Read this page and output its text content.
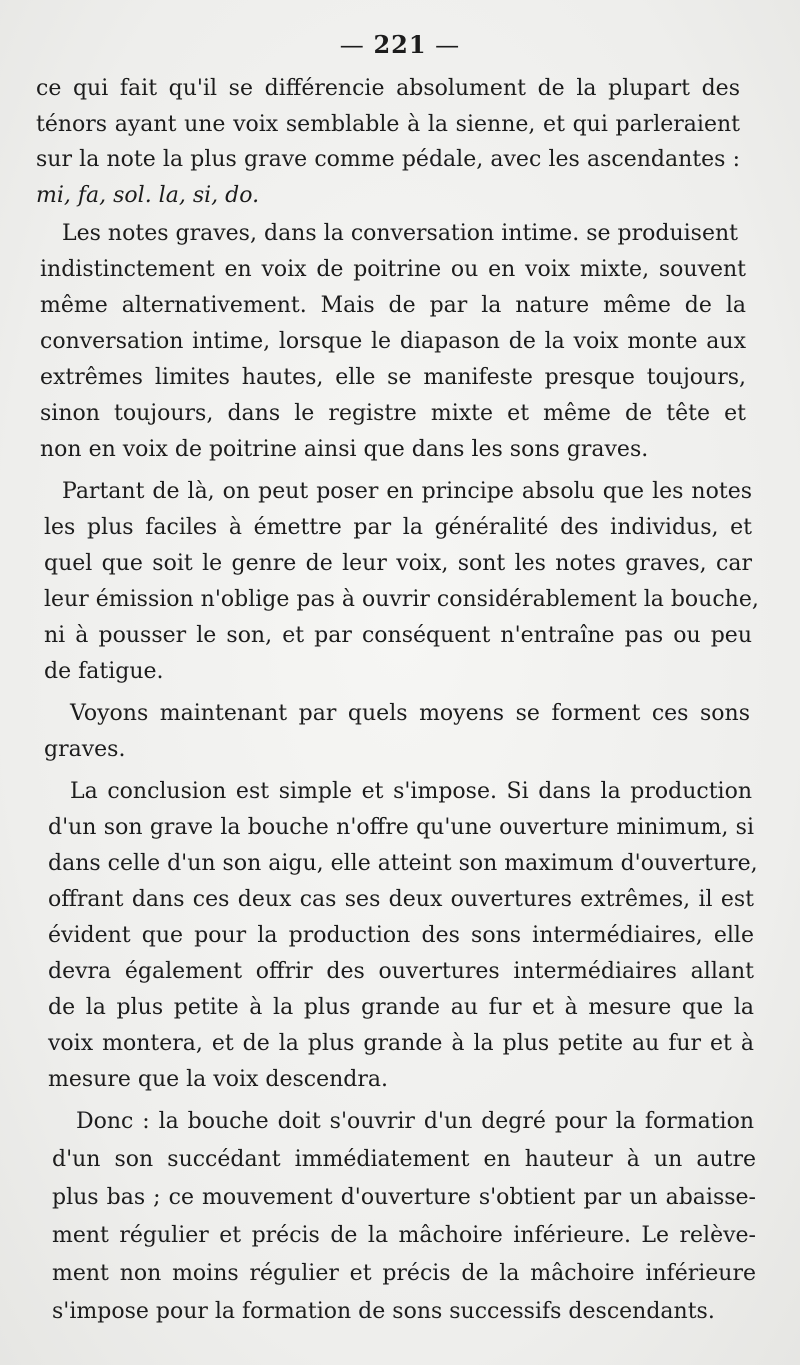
— 221 —
ce qui fait qu'il se différencie absolument de la plupart des
ténors ayant une voix semblable à la sienne, et qui parleraient
sur la note la plus grave comme pédale, avec les ascendantes :
mi, fa, sol. la, si, do.
Les notes graves, dans la conversation intime. se produisent
indistinctement en voix de poitrine ou en voix mixte, souvent
même alternativement. Mais de par la nature même de la
conversation intime, lorsque le diapason de la voix monte aux
extrêmes limites hautes, elle se manifeste presque toujours,
sinon toujours, dans le registre mixte et même de tête et
non en voix de poitrine ainsi que dans les sons graves.
Partant de là, on peut poser en principe absolu que les notes
les plus faciles à émettre par la généralité des individus, et
quel que soit le genre de leur voix, sont les notes graves, car
leur émission n'oblige pas à ouvrir considérablement la bouche,
ni à pousser le son, et par conséquent n'entraîne pas ou peu
de fatigue.
Voyons maintenant par quels moyens se forment ces sons
graves.
La conclusion est simple et s'impose. Si dans la production
d'un son grave la bouche n'offre qu'une ouverture minimum, si
dans celle d'un son aigu, elle atteint son maximum d'ouverture,
offrant dans ces deux cas ses deux ouvertures extrêmes, il est
évident que pour la production des sons intermédiaires, elle
devra également offrir des ouvertures intermédiaires allant
de la plus petite à la plus grande au fur et à mesure que la
voix montera, et de la plus grande à la plus petite au fur et à
mesure que la voix descendra.
Donc : la bouche doit s'ouvrir d'un degré pour la formation
d'un son succédant immédiatement en hauteur à un autre
plus bas ; ce mouvement d'ouverture s'obtient par un abaisse-
ment régulier et précis de la mâchoire inférieure. Le relève-
ment non moins régulier et précis de la mâchoire inférieure
s'impose pour la formation de sons successifs descendants.
